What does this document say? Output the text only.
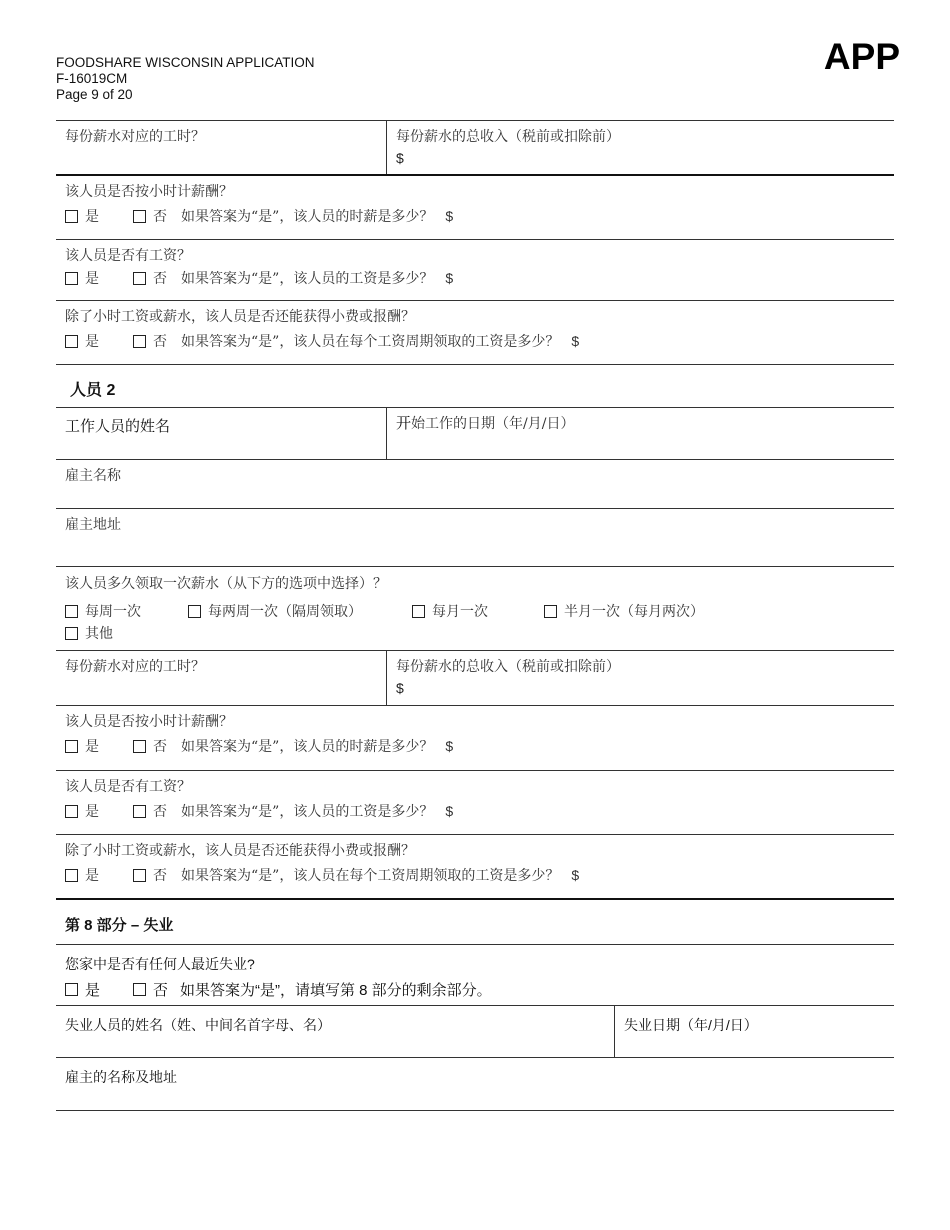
FOODSHARE WISCONSIN APPLICATION
F-16019CM
Page 9 of 20
APP
每份薪水对应的工时？	每份薪水的总收入（税前或扣除前）
$
该人员是否按小时计薪酬？
是	否 如果答案为“是”，该人员的时薪是多少？ $
该人员是否有工资？
是	否 如果答案为“是”，该人员的工资是多少？ $
除了小时工资或薪水，该人员是否还能获得小费或报酬？
是	否 如果答案为“是”，该人员在每个工资周期领取的工资是多少？ $
人员 2
工作人员的姓名	开始工作的日期（年/月/日）
雇主名称
雇主地址
该人员多久领取一次薪水（从下方的选项中选择）？
每周一次	每两周一次（隔周领取）	每月一次	半月一次（每月两次）
其他
每份薪水对应的工时？	每份薪水的总收入（税前或扣除前）
$
该人员是否按小时计薪酬？
是	否 如果答案为“是”，该人员的时薪是多少？ $
该人员是否有工资？
是	否 如果答案为“是”，该人员的工资是多少？ $
除了小时工资或薪水，该人员是否还能获得小费或报酬？
是	否 如果答案为“是”，该人员在每个工资周期领取的工资是多少？ $
第 8 部分 – 失业
您家中是否有任何人最近失业?
是	否 如果答案为“是”，请填写第 8 部分的剩余部分。
失业人员的姓名（姓、中间名首字母、名）	失业日期（年/月/日）
雇主的名称及地址
